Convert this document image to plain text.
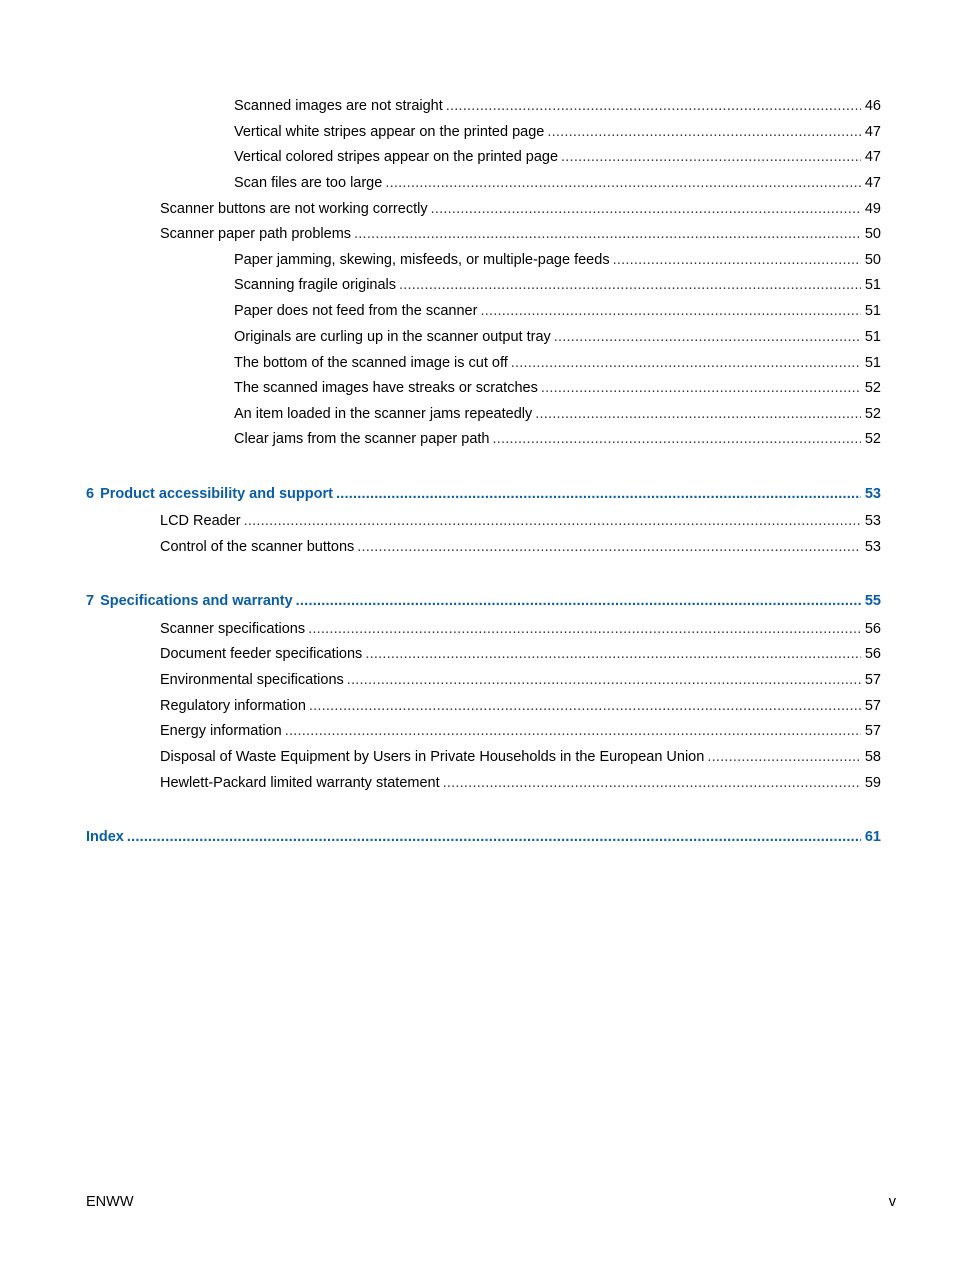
Scanned images are not straight . . .	46
Vertical white stripes appear on the printed page . . .	47
Vertical colored stripes appear on the printed page . . .	47
Scan files are too large . . .	47
Scanner buttons are not working correctly . . .	49
Scanner paper path problems . . .	50
Paper jamming, skewing, misfeeds, or multiple-page feeds . . .	50
Scanning fragile originals . . .	51
Paper does not feed from the scanner . . .	51
Originals are curling up in the scanner output tray . . .	51
The bottom of the scanned image is cut off . . .	51
The scanned images have streaks or scratches . . .	52
An item loaded in the scanner jams repeatedly . . .	52
Clear jams from the scanner paper path . . .	52
6 Product accessibility and support . . .	53
LCD Reader . . .	53
Control of the scanner buttons . . .	53
7 Specifications and warranty . . .	55
Scanner specifications . . .	56
Document feeder specifications . . .	56
Environmental specifications . . .	57
Regulatory information . . .	57
Energy information . . .	57
Disposal of Waste Equipment by Users in Private Households in the European Union . . .	58
Hewlett-Packard limited warranty statement . . .	59
Index . . .	61
ENWW	v
